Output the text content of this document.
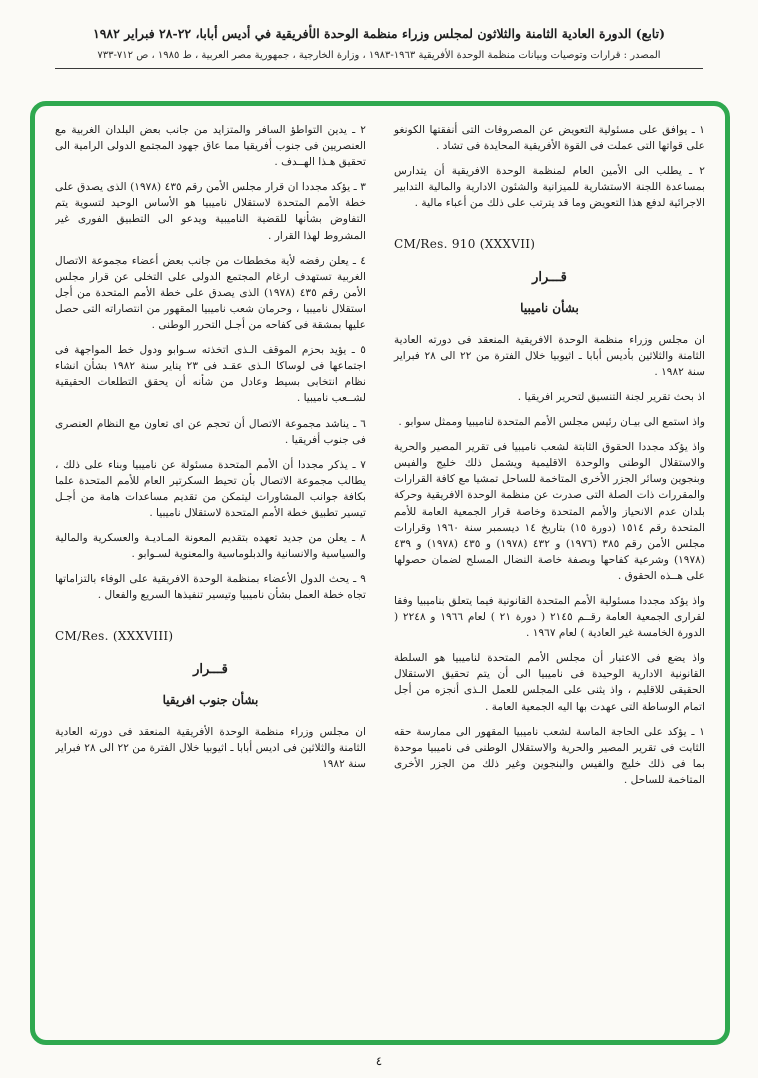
(تابع) الدورة العادية الثامنة والثلاثون لمجلس وزراء منظمة الوحدة الأفريقية في أديس أبابا، ٢٢-٢٨ فبراير ١٩٨٢
المصدر : قرارات وتوصيات وبيانات منظمة الوحدة الأفريقية ١٩٦٣-١٩٨٣ ، وزارة الخارجية ، جمهورية مصر العربية ، ط ١٩٨٥ ، ص ٧١٢-٧٣٣

١ ـ يوافق على مسئولية التعويض عن المصروفات التى أنفقتها الكونغو على قواتها التى عملت فى القوة الأفريقية المحايدة فى تشاد .

٢ ـ يطلب الى الأمين العام لمنظمة الوحدة الافريقية أن يتدارس بمساعدة اللجنة الاستشارية للميزانية والشئون الادارية والمالية التدابير الاجرائية لدفع هذا التعويض وما قد يترتب على ذلك من أعباء مالية .

CM/Res. 910 (XXXVII)

قـــرار

بشأن ناميبيا

ان مجلس وزراء منظمة الوحدة الافريقية المنعقد فى دورته العادية الثامنة والثلاثين بأديس أبابا ـ اثيوبيا خلال الفترة من ٢٢ الى ٢٨ فبراير سنة ١٩٨٢ .

اذ بحث تقرير لجنة التنسيق لتحرير افريقيا .

واذ استمع الى بيـان رئيس مجلس الأمم المتحدة لناميبيا وممثل سوابو .

واذ يؤكد مجددا الحقوق الثابتة لشعب ناميبيا فى تقرير المصير والحرية والاستقلال الوطنى والوحدة الاقليمية ويشمل ذلك خليج والفيس وبنجوين وسائر الجزر الأخرى المتاخمة للساحل تمشيا مع كافة القرارات والمقررات ذات الصلة التى صدرت عن منظمة الوحدة الافريقية وحركة بلدان عدم الانحياز والأمم المتحدة وخاصة قرار الجمعية العامة للأمم المتحدة رقم ١٥١٤ (دورة ١٥) بتاريخ ١٤ ديسمبر سنة ١٩٦٠ وقرارات مجلس الأمن رقم ٣٨٥ (١٩٧٦) و ٤٣٢ (١٩٧٨) و ٤٣٥ (١٩٧٨) و ٤٣٩ (١٩٧٨) وشرعية كفاحها وبصفة خاصة النضال المسلح لضمان حصولها على هــذه الحقوق .

واذ يؤكد مجددا مسئولية الأمم المتحدة القانونية فيما يتعلق بناميبيا وفقا لقرارى الجمعية العامة رقــم ٢١٤٥ ( دورة ٢١ ) لعام ١٩٦٦ و ٢٢٤٨ ( الدورة الخامسة غير العادية ) لعام ١٩٦٧ .

واذ يضع فى الاعتبار أن مجلس الأمم المتحدة لناميبيا هو السلطة القانونية الادارية الوحيدة فى ناميبيا الى أن يتم تحقيق الاستقلال الحقيقى للاقليم ، واذ يثنى على المجلس للعمل الـذى أنجزه من أجل اتمام الوساطة التى عهدت بها اليه الجمعية العامة .

١ ـ يؤكد على الحاجة الماسة لشعب ناميبيا المقهور الى ممارسة حقه الثابت فى تقرير المصير والحرية والاستقلال الوطنى فى ناميبيا موحدة بما فى ذلك خليج والفيس والبنجوين وغير ذلك من الجزر الأخرى المتاخمة للساحل .

٢ ـ يدين التواطؤ السافر والمتزايد من جانب بعض البلدان الغربية مع العنصريين فى جنوب أفريقيا مما عاق جهود المجتمع الدولى الرامية الى تحقيق هـذا الهــدف .

٣ ـ يؤكد مجددا ان قرار مجلس الأمن رقم ٤٣٥ (١٩٧٨) الذى يصدق على خطة الأمم المتحدة لاستقلال ناميبيا هو الأساس الوحيد لتسوية يتم التفاوض بشأنها للقضية الناميبية ويدعو الى التطبيق الفورى غير المشروط لهذا القرار .

٤ ـ يعلن رفضه لأية مخططات من جانب بعض أعضاء مجموعة الاتصال الغربية تستهدف ارغام المجتمع الدولى على التخلى عن قرار مجلس الأمن رقم ٤٣٥ (١٩٧٨) الذى يصدق على خطة الأمم المتحدة من أجل استقلال ناميبيا ، وحرمان شعب ناميبيا المقهور من انتصاراته التى حصل عليها بمشقة فى كفاحه من أجـل التحرر الوطنى .

٥ ـ يؤيد بحزم الموقف الـذى اتخذته سـوابو ودول خط المواجهة فى اجتماعها فى لوساكا الـذى عقـد فى ٢٣ يناير سنة ١٩٨٢ بشأن انشاء نظام انتخابى بسيط وعادل من شأنه أن يحقق التطلعات الحقيقية لشــعب ناميبيا .

٦ ـ يناشد مجموعة الاتصال أن تحجم عن اى تعاون مع النظام العنصرى فى جنوب أفريقيا .

٧ ـ يذكر مجددا أن الأمم المتحدة مسئولة عن ناميبيا وبناء على ذلك ، يطالب مجموعة الاتصال بأن تحيط السكرتير العام للأمم المتحدة علما بكافة جوانب المشاورات ليتمكن من تقديم مساعدات هامة من أجـل تيسير تطبيق خطة الأمم المتحدة لاستقلال ناميبيا .

٨ ـ يعلن من جديد تعهده بتقديم المعونة المـاديـة والعسكرية والمالية والسياسية والانسانية والدبلوماسية والمعنوية لسـوابو .

٩ ـ يحث الدول الأعضاء بمنظمة الوحدة الافريقية على الوفاء بالتزاماتها تجاه خطة العمل بشأن ناميبيا وتيسير تنفيذها السريع والفعال .

CM/Res. (XXXVIII)

قـــرار

بشأن جنوب افريقيا

ان مجلس وزراء منظمة الوحدة الأفريقية المنعقد فى دورته العادية الثامنة والثلاثين فى اديس أبابا ـ اثيوبيا خلال الفترة من ٢٢ الى ٢٨ فبراير سنة ١٩٨٢

٤
